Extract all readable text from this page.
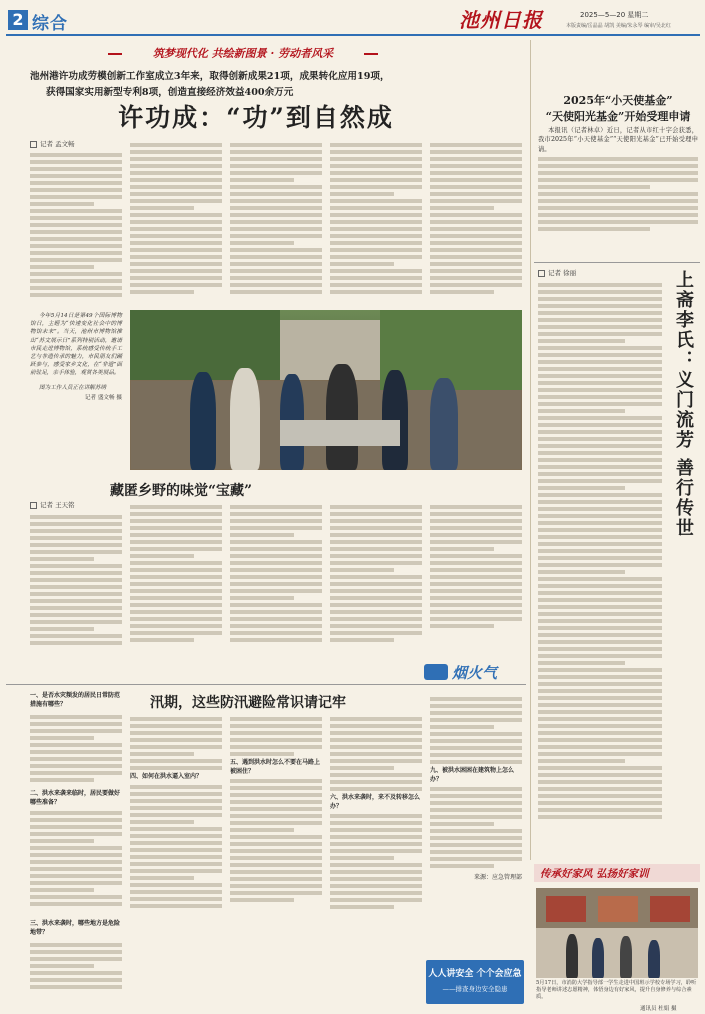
2 综合	池州日报	2025—5—20 星期二
本版责编/岳晶晶 胡凯 美编/朱永琴 编审/吴北红
筑梦现代化 共绘新图景 · 劳动者风采
池州港许功成劳模创新工作室成立3年来，取得创新成果21项，成果转化应用19项，
获得国家实用新型专利8项，创造直接经济效益400余万元
许功成：“功”到自然成
记者 孟文畅

今年5月14日是第49个国际博物馆日，主题为“快速变化社会中的博物馆未来”。当天，池州市博物馆推出“苏文展示日”系列特别活动，邀请市民走进博物馆，系统感受传统手工艺与非遗传承的魅力，市民朋友们踊跃参与，感受家乡文化，在“非遗”面前驻足，亲手体验，观赏各类展品。

图为工作人员正在讲解苏绣

记者 盛文畅 摄

2025年“小天使基金”
“天使阳光基金”开始受理申请

本报讯（记者林卓）近日，记者从市红十字会获悉，我市2025年“小天使基金”“天使阳光基金”已开始受理申请。

记者 徐丽	上斋李氏：义门流芳 善行传世
藏匿乡野的味觉“宝藏”
记者 王天铭
烟火气
汛期，这些防汛避险常识请记牢
一、是否水灾频发的居民日常防范措施有哪些？
二、洪水来袭来临时，居民要做好哪些准备？
三、洪水来袭时，哪些地方是危险地带？
四、如何在洪水逼入室内？
五、遇到洪水时怎么不要在马路上被困住？
六、洪水来袭时，来不及转移怎么办？
九、被洪水困困在建筑物上怎么办？
来源：应急管理部
人人讲安全 个个会应急
——排查身边安全隐患
传承好家风 弘扬好家训
5月17日，市消防大学指导部一学生走进中国班示学校专场学习，聆听指导老师讲述志愿精神，体悟身边有好家风，提升自身修养与综合素质。
通讯员 杜娟 摄
